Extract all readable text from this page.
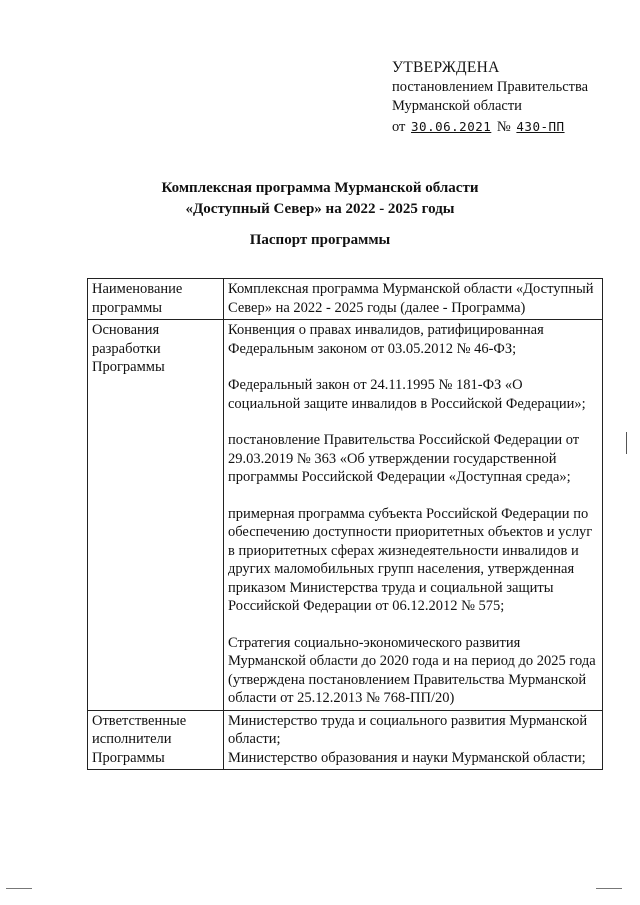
УТВЕРЖДЕНА
постановлением Правительства
Мурманской области
от 30.06.2021 № 430-ПП
Комплексная программа Мурманской области
«Доступный Север» на 2022 - 2025 годы
Паспорт программы
Наименование программы	Комплексная программа Мурманской области «Доступный Север» на 2022 - 2025 годы (далее - Программа)
Основания разработки Программы	Конвенция о правах инвалидов, ратифицированная Федеральным законом от 03.05.2012 № 46-ФЗ;

Федеральный закон от 24.11.1995 № 181-ФЗ «О социальной защите инвалидов в Российской Федерации»;

постановление Правительства Российской Федерации от 29.03.2019 № 363 «Об утверждении государственной программы Российской Федерации «Доступная среда»;

примерная программа субъекта Российской Федерации по обеспечению доступности приоритетных объектов и услуг в приоритетных сферах жизнедеятельности инвалидов и других маломобильных групп населения, утвержденная приказом Министерства труда и социальной защиты Российской Федерации от 06.12.2012 № 575;

Стратегия социально-экономического развития Мурманской области до 2020 года и на период до 2025 года (утверждена постановлением Правительства Мурманской области от 25.12.2013 № 768-ПП/20)

Ответственные исполнители Программы	Министерство труда и социального развития Мурманской области;

Министерство образования и науки Мурманской области;
